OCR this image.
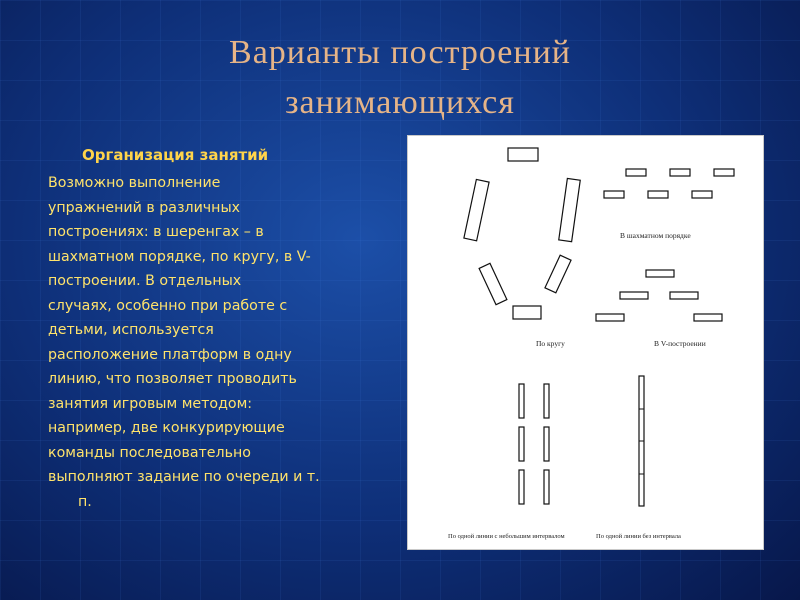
Варианты построений
занимающихся
Организация занятий
Возможно выполнение
упражнений в различных
построениях: в шеренгах – в
шахматном порядке, по кругу, в V-
построении. В отдельных
случаях, особенно при работе с
детьми, используется
расположение платформ в одну
линию, что позволяет проводить
занятия игровым методом:
например, две конкурирующие
команды последовательно
выполняют задание по очереди и т.
п.
По кругу
В шахматном порядке
В V-построении
По одной линии с небольшим интервалом	По одной линии без интервала
